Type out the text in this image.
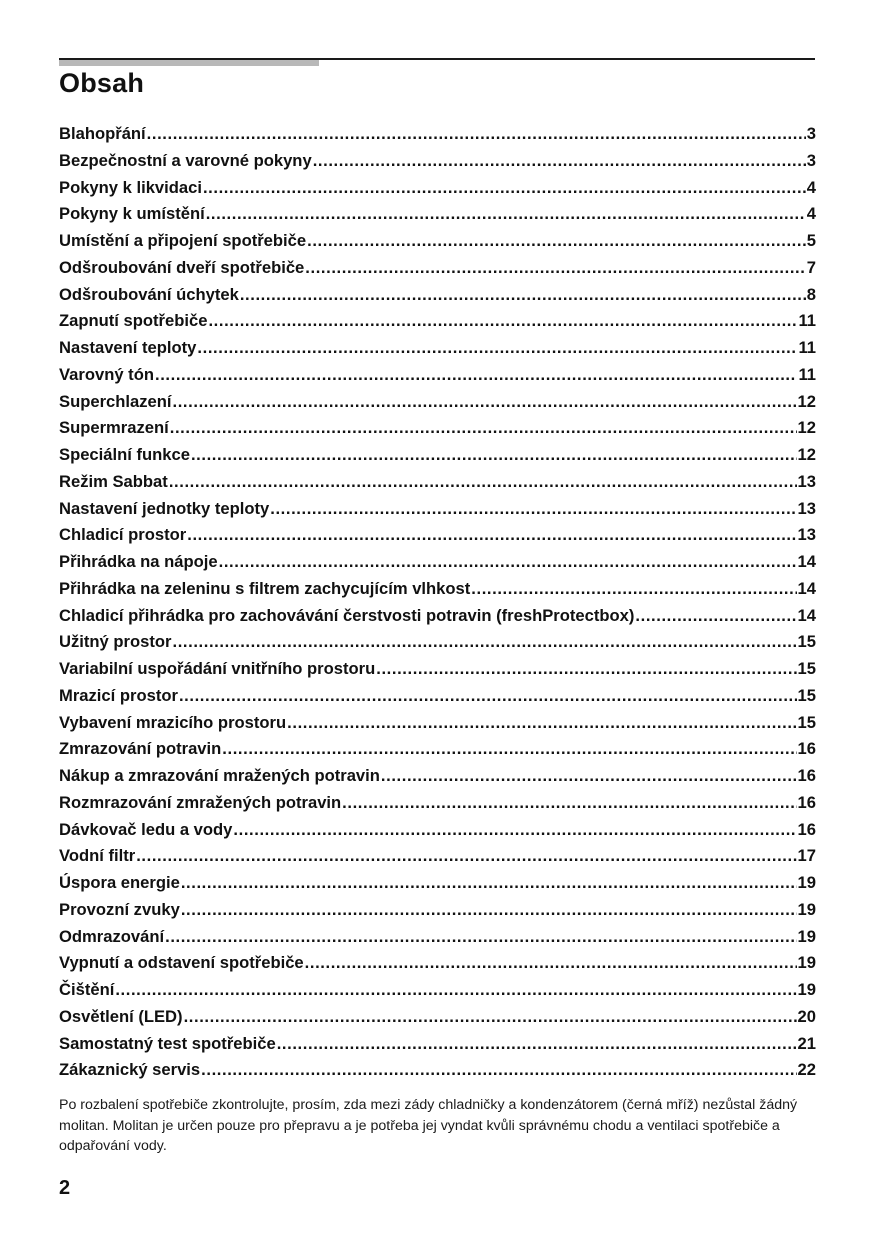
Obsah
Blahopřání .....	3
Bezpečnostní a varovné pokyny .....	3
Pokyny k likvidaci .....	4
Pokyny k umístění .....	4
Umístění a připojení spotřebiče .....	5
Odšroubování dveří spotřebiče .....	7
Odšroubování úchytek .....	8
Zapnutí spotřebiče .....	11
Nastavení teploty .....	11
Varovný tón .....	11
Superchlazení .....	12
Supermrazení .....	12
Speciální funkce .....	12
Režim Sabbat .....	13
Nastavení jednotky teploty .....	13
Chladicí prostor .....	13
Přihrádka na nápoje .....	14
Přihrádka na zeleninu s filtrem zachycujícím vlhkost .....	14
Chladicí přihrádka pro zachovávání čerstvosti potravin (freshProtectbox) .....	14
Užitný prostor .....	15
Variabilní uspořádání vnitřního prostoru .....	15
Mrazicí prostor .....	15
Vybavení mrazicího prostoru .....	15
Zmrazování potravin .....	16
Nákup a zmrazování mražených potravin .....	16
Rozmrazování zmražených potravin .....	16
Dávkovač ledu a vody .....	16
Vodní filtr .....	17
Úspora energie .....	19
Provozní zvuky .....	19
Odmrazování .....	19
Vypnutí a odstavení spotřebiče .....	19
Čištění .....	19
Osvětlení (LED) .....	20
Samostatný test spotřebiče .....	21
Zákaznický servis .....	22

Po rozbalení spotřebiče zkontrolujte, prosím, zda mezi zády chladničky a kondenzátorem (černá mříž) nezůstal žádný molitan. Molitan je určen pouze pro přepravu a je potřeba jej vyndat kvůli správnému chodu a ventilaci spotřebiče a odpařování vody.

2
